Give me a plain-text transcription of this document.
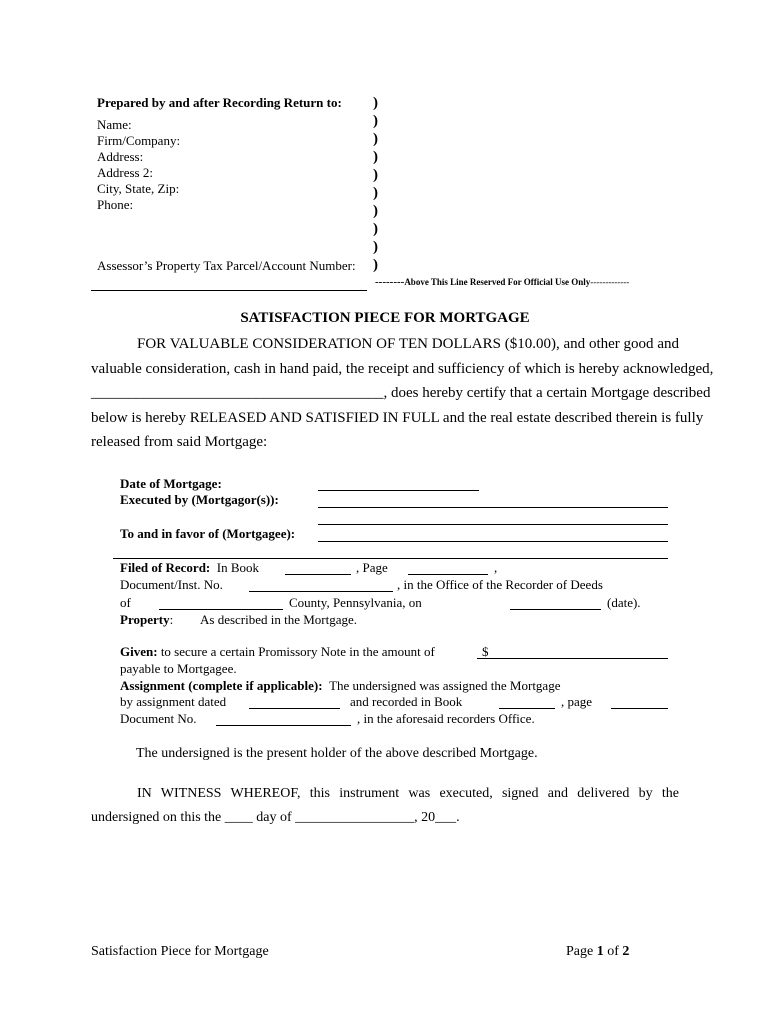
Prepared by and after Recording Return to:
Name:
Firm/Company:
Address:
Address 2:
City, State, Zip:
Phone:
Assessor’s Property Tax Parcel/Account Number:
)
)
)
)
)
)
)
)
)
)
--------Above This Line Reserved For Official Use Only-------------
SATISFACTION PIECE FOR MORTGAGE
FOR VALUABLE CONSIDERATION OF TEN DOLLARS ($10.00), and other good and
valuable consideration, cash in hand paid, the receipt and sufficiency of which is hereby acknowledged,
_______________________________________, does hereby certify that a certain Mortgage described
below is hereby RELEASED AND SATISFIED IN FULL and the real estate described therein is fully
released from said Mortgage:
Date of Mortgage:
Executed by (Mortgagor(s)):
To and in favor of (Mortgagee):
Filed of Record: In Book	, Page	,
Document/Inst. No.	, in the Office of the Recorder of Deeds
of	County, Pennsylvania, on	(date).
Property: As described in the Mortgage.
Given: to secure a certain Promissory Note in the amount of	$
payable to Mortgagee.
Assignment (complete if applicable): The undersigned was assigned the Mortgage
by assignment dated	and recorded in Book	, page
Document No.	, in the aforesaid recorders Office.
The undersigned is the present holder of the above described Mortgage.
IN WITNESS WHEREOF, this instrument was executed, signed and delivered by the
undersigned on this the ____ day of _________________, 20___.
Satisfaction Piece for Mortgage	Page 1 of 2
